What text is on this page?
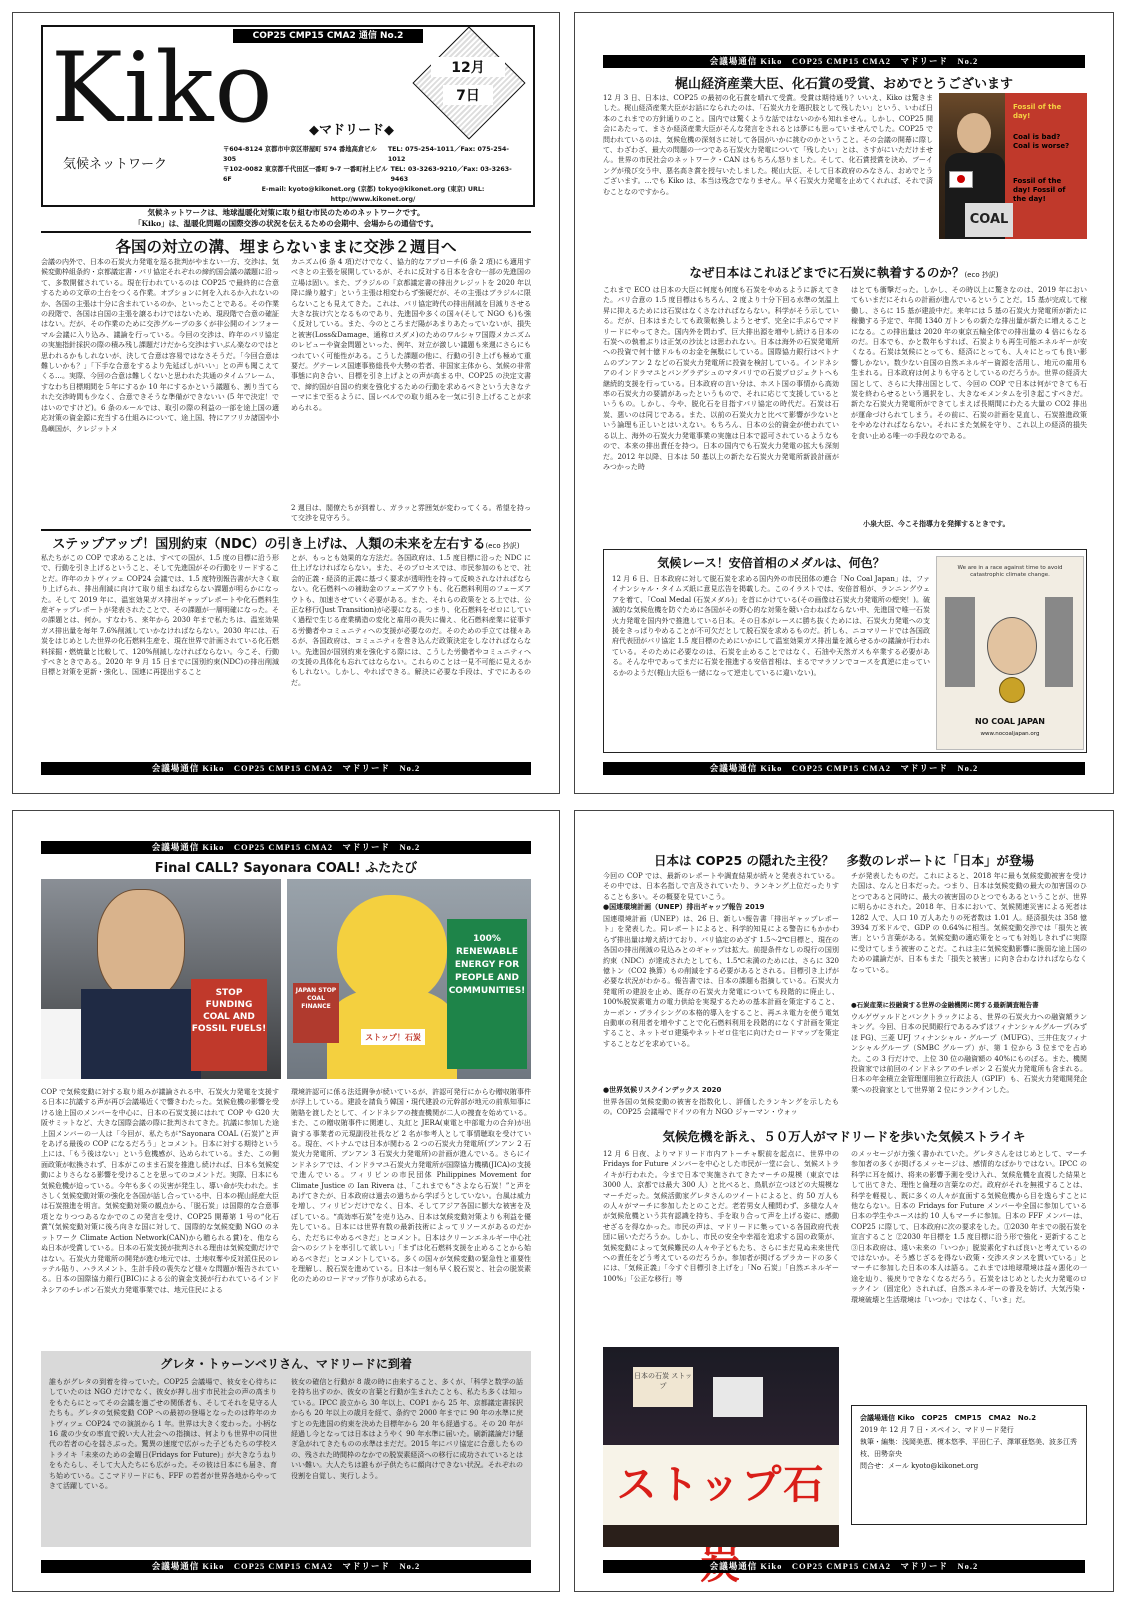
COP25 CMP15 CMA2 通信 No.2
Kiko	◆マドリード◆
12月
7日
気候ネットワーク
〒604-8124 京都市中京区帯屋町 574 番地高倉ビル 305
TEL: 075-254-1011／Fax: 075-254-1012
〒102-0082 東京都千代田区一番町 9-7 一番町村上ビル 6F
TEL: 03-3263-9210／Fax: 03-3263-9463
E-mail: kyoto@kikonet.org (京都) tokyo@kikonet.org (東京) URL: http://www.kikonet.org/
気候ネットワークは、地球温暖化対策に取り組む市民のためのネットワークです。
「Kiko」は、温暖化問題の国際交渉の状況を伝えるための会期中、会場からの通信です。
各国の対立の溝、埋まらないままに交渉２週目へ
会議の内外で、日本の石炭火力発電を巡る批判がやまない一方、交渉は、気候変動枠組条約・京都議定書・パリ協定それぞれの締約国会議の議題に沿って、多数開催されている。現在行われているのは COP25 で最終的に合意するための文章の土台をつくる作業。オプションに何を入れるか入れないのか、各国の主張は十分に含まれているのか、といったことである。その作業の段階で、各国は自国の主張を譲るわけではないため、現段階で合意の確証はない。だが、その作業のために交渉グループの多くが非公開のインフォーマル会議に入り込み、議論を行っている。今回の交渉は、昨年のパリ協定の実施指針採択の際の積み残し課題だけだから交渉はすいぶん楽なのではと思われるかもしれないが、決して合意は容易ではなさそうだ。「今回合意は難しいかも？」「下手な合意をするより先延ばしがいい」との声も聞こえてくる…。実際、今回の合意は難しくないと思われた共通のタイムフレーム、すなわち目標期間を５年にするか 10 年にするかという議題も、割り当てられた交渉時間も少なく、合意できそうな準備ができないい (5 年で決定！ではいのですけど)。6 条のルールでは、取引の際の利益の一部を途上国の適応対策の資金源に充当する仕組みについて、途上国、特にアフリカ諸国や小島嶼国が、クレジットメ
カニズム(6 条 4 項)だけでなく、協力的なアプローチ(6 条 2 項)にも適用すべきとの主張を展開しているが、それに反対する日本を含む一部の先進国の立場は固い。また、ブラジルの「京都議定書の排出クレジットを 2020 年以降に繰り越す」という主張は相変わらず強硬だが、その主張はブラジルに限らないことも見えてきた。これは、パリ協定時代の排出削減を目減りさせる大きな抜け穴となるものであり、先進国や多くの国々(そして NGO も)も強く反対している。また、今のところまだ陽があまりあたっていないが、損失と被害(Loss&Damage、通称ロスダメ)のためのワルシャワ国際メカニズムのレビューや資金問題といった、例年、対立が激しい議題も来週にさらにもつれていく可能性がある。こうした課題の他に、行動の引き上げも極めて重要だ。グテーレス国連事務総長や大勢の若者、非国家主体から、気候の非常事態に向き合い、目標を引き上げよとの声が高まる中、COP25 の決定文書で、締約国が自国の約束を強化するための行動を求めるべきという大きなテーマにまで至るように、国レベルでの取り組みを一気に引き上げることが求められる。
2 週目は、閣僚たちが到着し、ガラッと雰囲気が変わってくる。希望を持って交渉を見守ろう。
ステップアップ！国別約束（NDC）の引き上げは、人類の未来を左右する(eco 抄訳)
私たちがこの COP で求めることは、すべての国が、1.5 度の目標に沿う形で、行動を引き上げるということ、そして先進国がその行動をリードすることだ。昨年のカトヴィツェ COP24 会議では、1.5 度特別報告書が大きく取り上げられ、排出削減に向けて取り組まねばならない課題が明らかになった。そして 2019 年に、温室効果ガス排出ギャップレポートや化石燃料生産ギャップレポートが発表されたことで、その課題が一層明確になった。その課題とは、何か。すなわち、来年から 2030 年まで私たちは、温室効果ガス排出量を毎年 7.6%削減していかなければならない。2030 年には、石炭をはじめとした世界の化石燃料生産を、現在世界で計画されている化石燃料採掘・燃焼量と比較して、120%削減しなければならない。今こそ、行動すべきときである。2020 年 9 月 15 日までに国別約束(NDC)の排出削減目標と対策を更新・強化し、国連に再提出すること
とが、もっとも効果的な方法だ。各国政府は、1.5 度目標に沿った NDC に仕上げなければならない。また、そのプロセスでは、市民参加のもとで、社会的正義・経済的正義に基づく要求が透明性を持って反映されなければならない。化石燃料への補助金のフェーズアウトも、化石燃料利用のフェーズアウトも、加速させていく必要がある。また、それらの政策をとる上では、公正な移行(Just Transition)が必要になる。つまり、化石燃料をゼロにしていく過程で生じる産業構造の変化と雇用の喪失に備え、化石燃料産業に従事する労働者やコミュニティへの支援が必要なのだ。そのための手立ては様々あるが、各国政府は、コミュニティを巻き込んだ政策決定をしなければならない。先進国が国別約束を強化する際には、こうした労働者やコミュニティへの支援の具体化も忘れてはならない。これらのことは一見不可能に見えるかもしれない。しかし、やればできる。解決に必要な手段は、すでにあるのだ。
会議場通信 Kiko　COP25 CMP15 CMA2　マドリード　No.2
会議場通信 Kiko　COP25 CMP15 CMA2　マドリード　No.2
梶山経済産業大臣、化石賞の受賞、おめでとうございます
12 月 3 日、日本は、COP25 の最初の化石賞を晴れて受賞。受賞は期待通り？いいえ、Kiko は驚きました。梶山経済産業大臣がお話になられたのは、「石炭火力を選択肢として残したい」という、いわば日本のこれまでの方針通りのこと。国内では驚くような話ではないのかも知れません。しかし、COP25 開会にあたって、まさか経済産業大臣がそんな発言をされるとは夢にも思っていませんでした。COP25 で問われているのは、気候危機の深刻さに対して各国がいかに挑むのかということ。その会議の開幕に際して、わざわざ、最大の問題の一つである石炭火力発電について「残したい」とは、さすがにいただけません。世界の市民社会のネットワーク・CAN はもちろん怒りました。そして、化石賞授賞を決め、ブーイングが飛び交う中、悪名高き賞を授与いたしました。梶山大臣、そして日本政府のみなさん、おめでとうございます。…でも Kiko は、本当は残念でなりません。早く石炭火力発電を止めてくれれば、それで済むことなのですから。
Fossil of the day!
Coal is bad? Coal is worse?
Fossil of the day! Fossil of the day!
COAL
なぜ日本はこれほどまでに石炭に執着するのか？(eco 抄訳)
これまで ECO は日本の大臣に何度も何度も石炭をやめるように訴えてきた。パリ合意の 1.5 度目標はもちろん、2 度より十分下回る水準の気温上昇に抑えるためには石炭はなくさなければならない。科学がそう示している。だが、日本はまたしても政策転換しようとせず、完全に手ぶらでマドリードにやってきた。国内外を問わず、巨大排出源を増やし続ける日本の石炭への執着ぶりは正気の沙汰とは思われない。日本は海外の石炭発電所への投資で何十億ドルものお金を無駄にしている。国際協力銀行はベトナムのブンアン 2 などの石炭火力発電所に投資を検討している。インドネシアのインドラマユとバングラデシュのマタバリでの石炭プロジェクトへも継続的支援を行っている。日本政府の言い分は、ホスト国の事情から高効率の石炭火力の要請があったというもので、それに応じて支援しているというもの。しかし、今や、脱化石を目指すパリ協定の時代だ。石炭は石炭、悪いのは同じである。また、以前の石炭火力と比べて影響が少ないという論理も正しいとはいえない。もちろん、日本の公的資金が使われている以上、海外の石炭火力発電事業の実施は日本で認可されているようなもので、本来の排出責任を持つ。日本の国内でも石炭火力発電の拡大も深刻だ。2012 年以降、日本は 50 基以上の新たな石炭火力発電所新設計画がみつかった時
はとても衝撃だった。しかし、その時以上に驚きなのは、2019 年においてもいまだにそれらの計画が進んでいるということだ。15 基が完成して稼働し、さらに 15 基が建設中だ。来年には 5 基の石炭火力発電所が新たに稼働する予定で、年間 1340 万トンもの新たな排出量が新たに増えることになる。この排出量は 2020 年の東京五輪全体での排出量の 4 倍にもなるのだ。日本でも、かと数年もすれば、石炭よりも再生可能エネルギーが安くなる。石炭は気候にとっても、経済にとっても、人々にとっても良い影響しかない。数少ない自国の自然エネルギー資源を活用し、地元の雇用も生まれる。日本政府は何よりも守るとしているのだろうか。世界の経済大国として、さらに大排出国として、今回の COP で日本は何ができても石炭を終わらせるという選択をし、大きなモメンタムを引き起こすべきだ。新たな石炭火力発電所ができてしまえば長期間にわたる大量の CO2 排出が運命づけられてしまう。その前に、石炭の計画を見直し、石炭推進政策をやめなければならない。それにまた気候を守り、これ以上の経済的損失を食い止める唯一の手段なのである。
小泉大臣、今こそ指導力を発揮するときです。
気候レース！安倍首相のメダルは、何色？
12 月 6 日、日本政府に対して脱石炭を求める国内外の市民団体の連合「No Coal Japan」は、ファイナンシャル・タイムズ紙に意見広告を掲載した。このイラストでは、安倍首相が、ランニングウェアを着て、「Coal Medal (石炭メダル)」を首にかけている(その画像は石炭火力発電所の煙突！)。破滅的な気候危機を防ぐために各国がその野心的な対策を競い合わねばならない中、先進国で唯一石炭火力発電を国内外で推進している日本。その日本がレースに勝ち抜くためには、石炭火力発電への支援をきっぱりやめることが不可欠だとして脱石炭を求めるものだ。折しも、ニコマリードでは各国政府代表団がパリ協定 1.5 度目標のためにいかにして温室効果ガス排出量を減らせるかの議論が行われている。そのために必要なのは、石炭を止めることではなく、石油や天然ガスも卒業する必要がある。そんな中であってまだに石炭を推進する安倍首相は、まるでマラソンでコースを真逆に走っているかのようだ(梶山大臣も一緒になって逆走しているに違いない)。
We are in a race against time to avoid catastrophic climate change.
NO COAL JAPAN
www.nocoaljapan.org
会議場通信 Kiko　COP25 CMP15 CMA2　マドリード　No.2
会議場通信 Kiko　COP25 CMP15 CMA2　マドリード　No.2
Final CALL? Sayonara COAL! ふたたび
STOP FUNDING COAL AND FOSSIL FUELS!
100% RENEWABLE ENERGY FOR PEOPLE AND COMMUNITIES!
JAPAN STOP COAL FINANCE
ストップ！石炭
COP で気候変動に対する取り組みが議論される中、石炭火力発電を支援する日本に抗議する声が再び会議場近くで響きわたった。気候危機の影響を受ける途上国のメンバーを中心に、日本の石炭支援にはれて COP や G20 大阪サミットなど、大きな国際会議の際に批判されてきた。抗議に参加した途上国メンバーの一人は「今回が、私たちが“Sayonara COAL (石炭)”と声をあげる最後の COP になるだろう」とコメント。日本に対する期待という上には、「もう後はない」という危機感が、込められている。また、この側面政策が転換されず、日本がこのまま石炭を推進し続ければ、日本も気候変動によりさらなる影響を受けることを思ってのコメントだ。実際、日本にも気候危機が迫っている。今年も多くの災害が発生し、導い命が失われた。まさしく気候変動対策の強化を各国が話し合っている中、日本の梶山経産大臣は石炭推進を明言。気候変動対策の観点から、「脱石炭」は国際的な合意事項となりつつあるなかでのこの発言を受け、COP25 開幕第 1 号の“化石賞”(気候変動対策に後ろ向きな国に対して、国際的な気候変動 NGO のネットワーク Climate Action Network(CAN)から贈られる賞)を、他ならぬ日本が受賞している。日本の石炭支援が批判される理由は気候変動だけではない。石炭火力発電所の開発が進む地元では、土地収奪や反対派住民のレッテル貼り、ハラスメント、生計手段の喪失など様々な問題が報告されている。日本の国際協力銀行(JBIC)による公的資金支援が行われているインドネシアのチレボン石炭火力発電事業では、地元住民による
環境許認可に係る法廷闘争が続いているが、許認可発行にからむ贈収賄事件が浮上している。建設を請負う韓国・現代建設の元幹部が地元の前県知事に賄賂を渡したとして、インドネシアの捜査機関が二人の捜査を始めている。また、この贈収賄事件に関連し、丸紅と JERA(東電と中部電力の合弁)が出資する事業者の元現副役社長など 2 名が参考人として事情聴取を受けている。現在、ベトナムでは日本が関わる 2 つの石炭火力発電所(ブンアン 2 石炭火力発電所、ブンアン 3 石炭火力発電所)の計画が進んでいる。さらにインドネシアでは、インドラマユ石炭火力発電所が国際協力機構(JICA)の支援で進んでいる。フィリピンの市民団体 Philippines Movement for Climate Justice の Ian Rivera は、「これまでも“さよなら石炭！”と声をあげてきたが、日本政府は過去の過ちから学ぼうとしていない。台風は威力を増し、フィリピンだけでなく、日本、そしてアジア各国に膨大な被害を及ぼしている。“高効率石炭”を売り込み、日本は気候変動対策よりも利益を優先している。日本には世界有数の最新技術によってリソースがあるのだから、ただちにやめるべきだ」とコメント。日本はクリーンエネルギー中心社会へのシフトを率引して欲しい」「まずは化石燃料支援を止めることから始めるべきだ」とコメントしている。多くの国々が気候変動の緊急性と重要性を理解し、脱石炭を進めている。日本は一刻も早く脱石炭と、社会の脱炭素化のためのロードマップ作りが求められる。
グレタ・トゥーンベリさん、マドリードに到着
誰もがグレタの到着を待っていた。COP25 会議場で、彼女を心待ちにしていたのは NGO だけでなく、彼女が押し出す市民社会の声の高まりをもたらにとってその会議を過ごせの関係者も、そしてそれを見守る人たちも。グレタの気候変動 COP への最初の登場となったのは昨年のカトヴィツェ COP24 での演説から 1 年。世界は大きく変わった。小柄な 16 歳の少女の率直で鋭い大人社会への指摘は、何よりも世界中の同世代の若者の心を揺さぶった。驚異の速度で広がった子どもたちの学校ストライキ「未来のための金曜日(Fridays for Future)」が大きなうねりをもたらし、そして大人たちにも広がった。その彼は日本にも届き、育ち始めている。ここマドリードにも、FFF の若者が世界各地からやってきて活躍している。
彼女の確信と行動が 8 歳の時に由来すること、多くが、「科学と数学の話を持ち出すのか、彼女の言葉と行動が生まれたことも、私たち多くは知っている。IPCC 設立から 30 年以上、COP1 から 25 年、京都議定書採択からも 20 年以上の歳月を経て、条約で 2000 年までに 90 年の水準に戻すとの先進国の約束を決めた目標年から 20 年も経過する。その 20 年が経過し今となっては日本はようやく 90 年水準に届いた。刷新議論だけ騒ぎ急がれてきたものの水準はまだだ。2015 年にパリ協定に合意したものの、残された時間枠のなかでの脱炭素経済への移行に成功されているとはいい難い。大人たちは誰もが子供たちに顔向けできない状況。それぞれの役割を自覚し、実行しよう。
会議場通信 Kiko　COP25 CMP15 CMA2　マドリード　No.2
日本は COP25 の隠れた主役？　多数のレポートに「日本」が登場
今回の COP では、最新のレポートや調査結果が続々と発表されている。その中では、日本名指しで言及されていたり、ランキング上位だったりすることも多い。その概要を見ていこう。
●国連環境計画（UNEP）排出ギャップ報告 2019
国連環境計画（UNEP）は、26 日、新しい報告書「排出ギャップレポート」を発表した。同レポートによると、科学的知見による警告にもかかわらず排出量は増え続けており、パリ協定のめざす 1.5～2℃目標と、現在の各国の排出削減の見込みとのギャップは拡大。前提条件なしの現行の国別約束（NDC）が達成されたとしても、1.5℃未満のためには、さらに 320 億トン（CO2 換算）もの削減をする必要があるとされる。目標引き上げが必要な状況がわかる。報告書では、日本の課題も指摘している。石炭火力発電所の建設を止め、既存の石炭火力発電についても段階的に廃止し、100%脱炭素電力の電力供給を実現するための基本計画を策定すること、カーボン・プライシングの本格的導入をすること、再エネ電力を使う電気自動車の利用者を増やすことで化石燃料利用を段階的になくす計画を策定すること、ネットゼロ建築やネットゼロ住宅に向けたロードマップを策定することなどを求めている。
●世界気候リスクインデックス 2020
世界各国の気候変動の被害を指数化し、評価したランキングを示したもの。COP25 会議場でドイツの有力 NGO ジャーマン・ウォッ
チが発表したものだ。これによると、2018 年に最も気候変動被害を受けた国は、なんと日本だった。つまり、日本は気候変動の最大の加害国のひとつであると同時に、最大の被害国のひとつでもあるということが、世界に明らかにされた。2018 年、日本において、気候関連災害による死者は 1282 人で、人口 10 万人あたりの死者数は 1.01 人。経済損失は 358 億 3934 万米ドルで、GDP の 0.64%に相当。気候変動交渉では「損失と被害」という言葉がある。気候変動の適応策をとっても対処しきれずに実際に受けてしまう被害のことだ。これは主に気候変動影響に脆弱な途上国のための議論だが、日本もまた「損失と被害」に向き合わなければならなくなっている。
●石炭産業に投融資する世界の金融機関に関する最新調査報告書
ウルゲヴァルドとバンクトラックによる、世界の石炭火力への融資額ランキング。今回、日本の民間銀行であるみずほフィナンシャルグループ(みずほ FG)、三菱 UFJ フィナンシャル・グループ（MUFG）、三井住友フィナンシャルグループ（SMBC グループ）が、第 1 位から 3 位までを占めた。この 3 行だけで、上位 30 位の融資額の 40%にものぼる。また、機関投資家では前回のインドネシアのチレボン 2 石炭火力発電所も含まれる。日本の年金積立金管理運用独立行政法人（GPIF）も、石炭火力発電開発企業への投資家として世界第 2 位にランクインした。
気候危機を訴え、５０万人がマドリードを歩いた気候ストライキ
12 月 6 日夜、よりマドリード市内アトーチャ駅前を起点に、世界中の Fridays for Future メンバーを中心とした市民が一堂に会し、気候ストライキが行われた。今まで日本で実施されてきたマーチの規模（東京では 3000 人、京都では最大 300 人）と比べると、鳥肌が立つほどの大規模なマーチだった。気候活動家グレタさんのツイートによると、約 50 万人もの人々がマーチに参加したとのことだ。老若男女人種問わず、多様な人々が気候危機という共有認識を持ち、手を取り合って声を上げる姿に、感動せざるを得なかった。市民の声は、マドリードに集っている各国政府代表団に届いただろうか。しかし、市民の安全や幸福を追求する国の政策が、気候変動によって気候難民の人々や子どもたち、さらにまだ見ぬ未来世代への責任をどう考えているのだろうか。参加者が掲げるプラカードの多くには、「気候正義」「今すぐ目標引き上げを」「No 石炭」「自然エネルギー 100%」「公正な移行」等
のメッセージが力強く書かれていた。グレタさんをはじめとして、マーチ参加者の多くが掲げるメッセージは、感情的なばかりではない。IPCC の科学に耳を傾け、将来の影響予測を受け入れ、気候危機を直視した結果として出てきた、理性と倫理の言葉なのだ。政府がそれを無視することは、科学を軽視し、既に多くの人々が直面する気候危機から目を逸らすことに他ならない。日本の Fridays for Future メンバーや全国に参加している日本の学生やユースは約 10 人もマーチに参加。日本の FFF メンバーは、COP25 に際して、日本政府に次の要求をした。①2030 年までの脱石炭を宣言すること ②2030 年目標を 1.5 度目標に沿う形で強化・更新すること ③日本政府は、遠い未来の「いつか」脱炭素化すれば良いと考えているのではないか。そう感じざるを得ない政策・交渉スタンスを貫いている」とマーチに参加した日本の本人は語る。これまでは地球環境は益々悪化の一途を辿り、後戻りできなくなるだろう。石炭をはじめとした火力発電のロックイン（固定化）されれば、自然エネルギーの普及を妨げ、大気汚染・環境破壊と生活環境は「いつか」ではなく、「いま」だ。
日本の石炭 ストップ
ストップ石
会議場通信 Kiko　COP25　CMP15　CMA2　No.2
2019 年 12 月 7 日・スペイン、マドリード発行
執筆・編集：浅岡美恵、榎本悠季、平田仁子、澤軍亜悠美、波多江秀枝、田勢奈央
問合せ：メール kyoto@kikonet.org
会議場通信 Kiko　COP25 CMP15 CMA2　マドリード　No.2
